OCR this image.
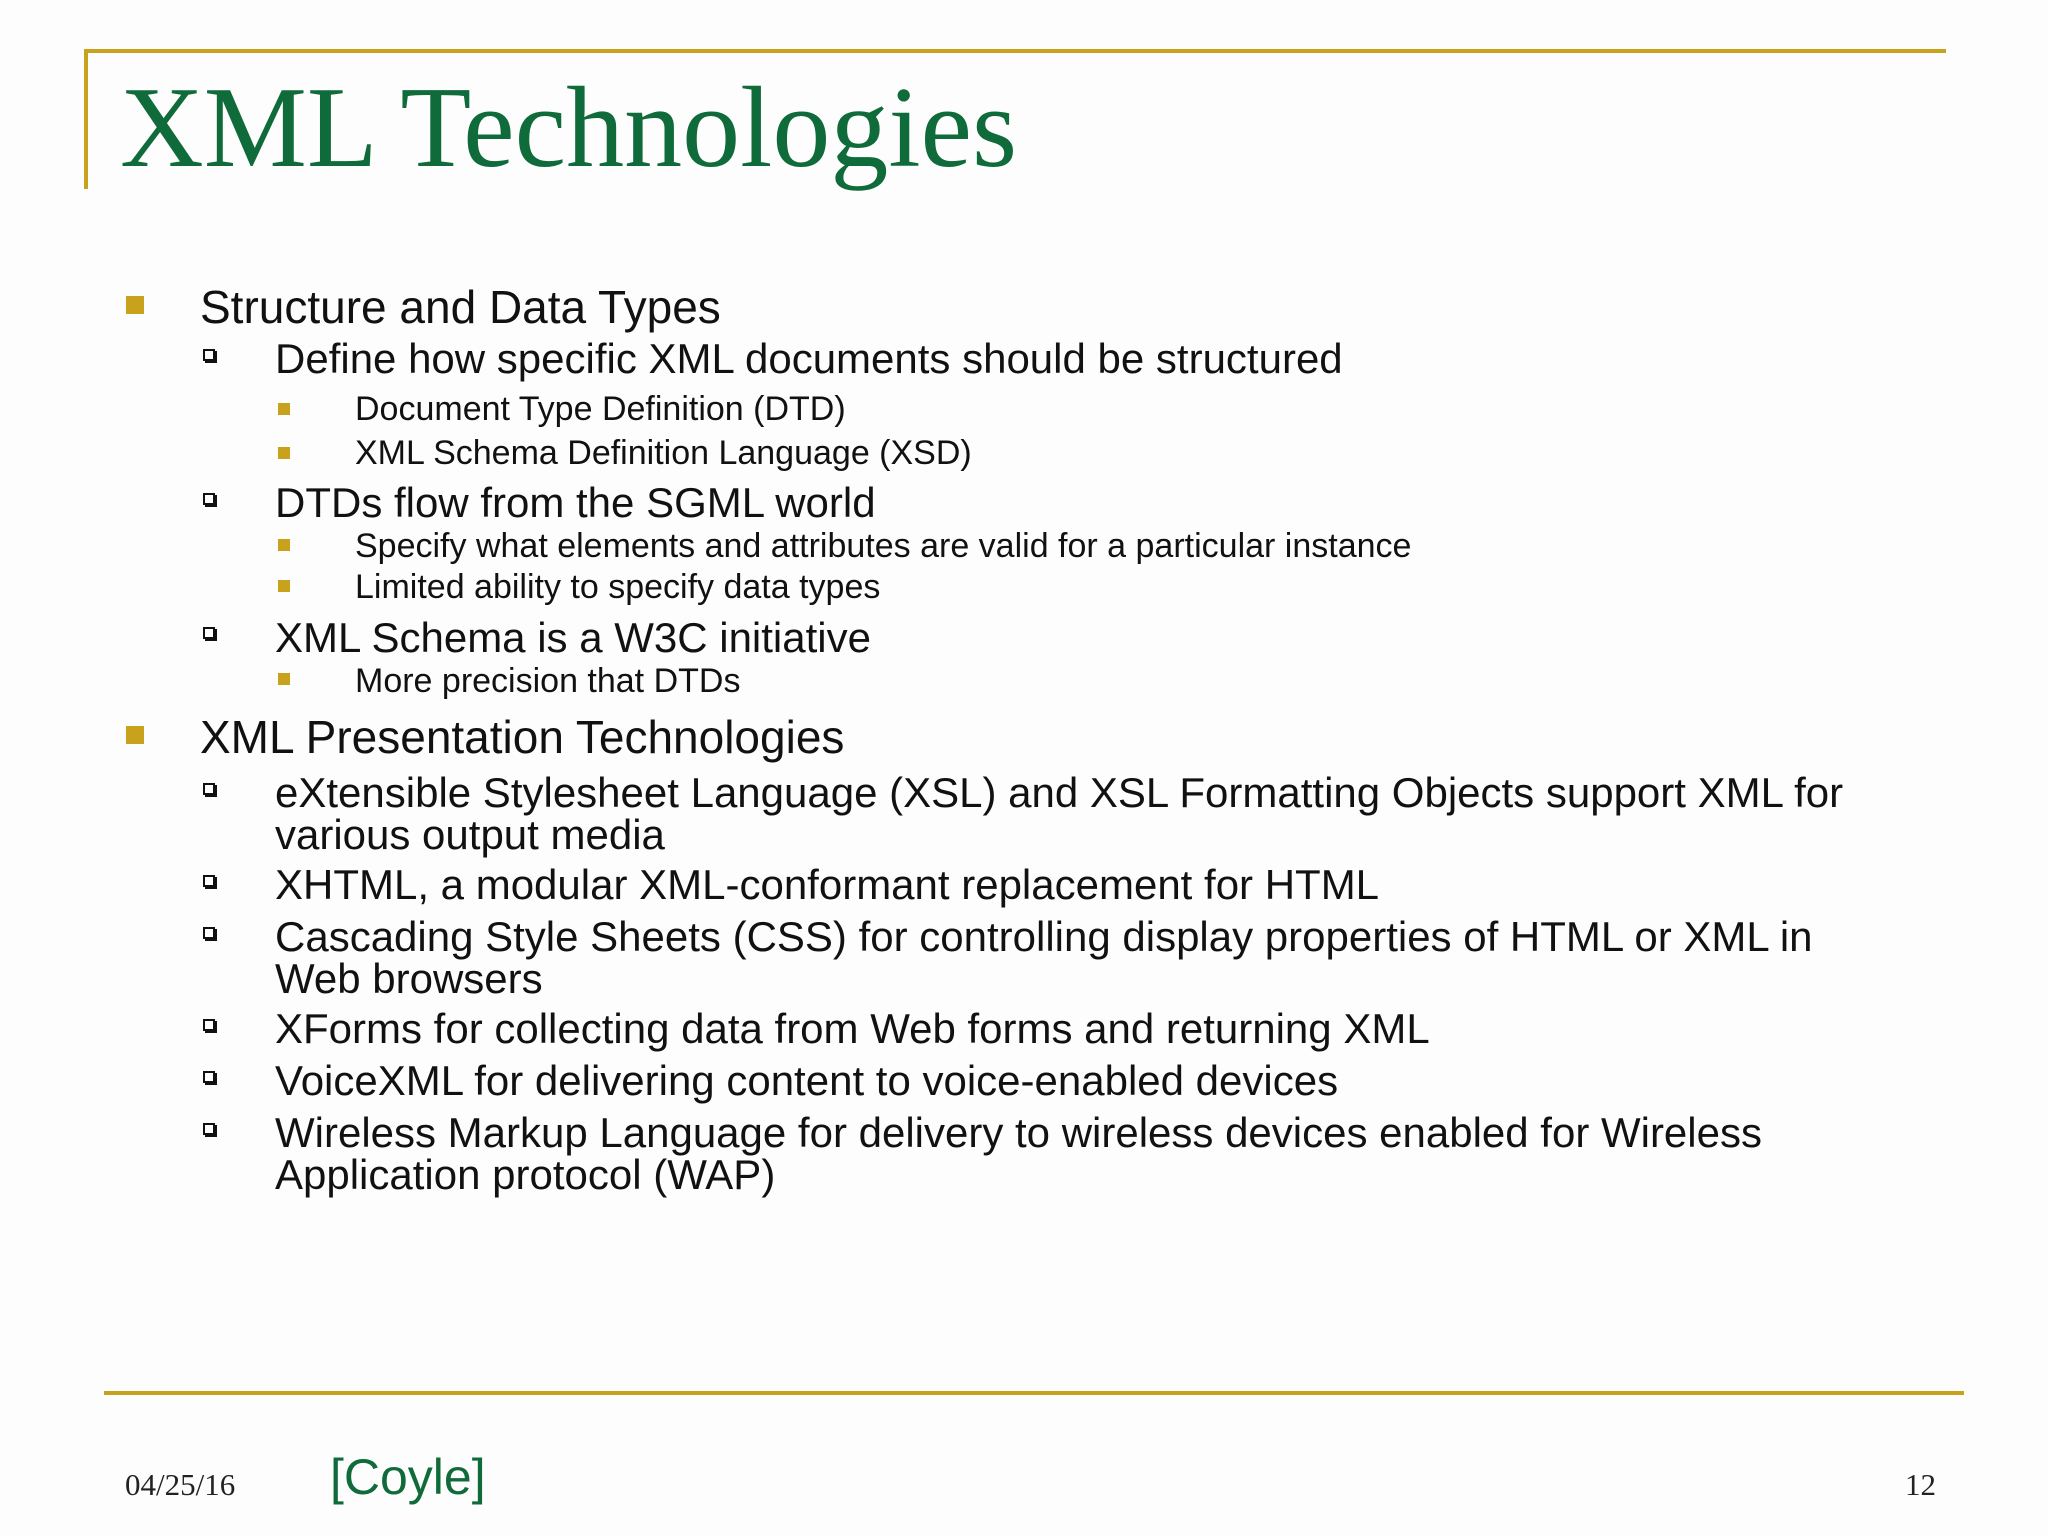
XML Technologies
Structure and Data Types
Define how specific XML documents should be structured
Document Type Definition (DTD)
XML Schema Definition Language (XSD)
DTDs flow from the SGML world
Specify what elements and attributes are valid for a particular instance
Limited ability to specify data types
XML Schema is a W3C initiative
More precision that DTDs
XML Presentation Technologies
eXtensible Stylesheet Language (XSL) and XSL Formatting Objects support XML for
various output media
XHTML, a modular XML-conformant replacement for HTML
Cascading Style Sheets (CSS) for controlling display properties of HTML or XML in
Web browsers
XForms for collecting data from Web forms and returning XML
VoiceXML for delivering content to voice-enabled devices
Wireless Markup Language for delivery to wireless devices enabled for Wireless
Application protocol (WAP)
04/25/16 [Coyle]	12
